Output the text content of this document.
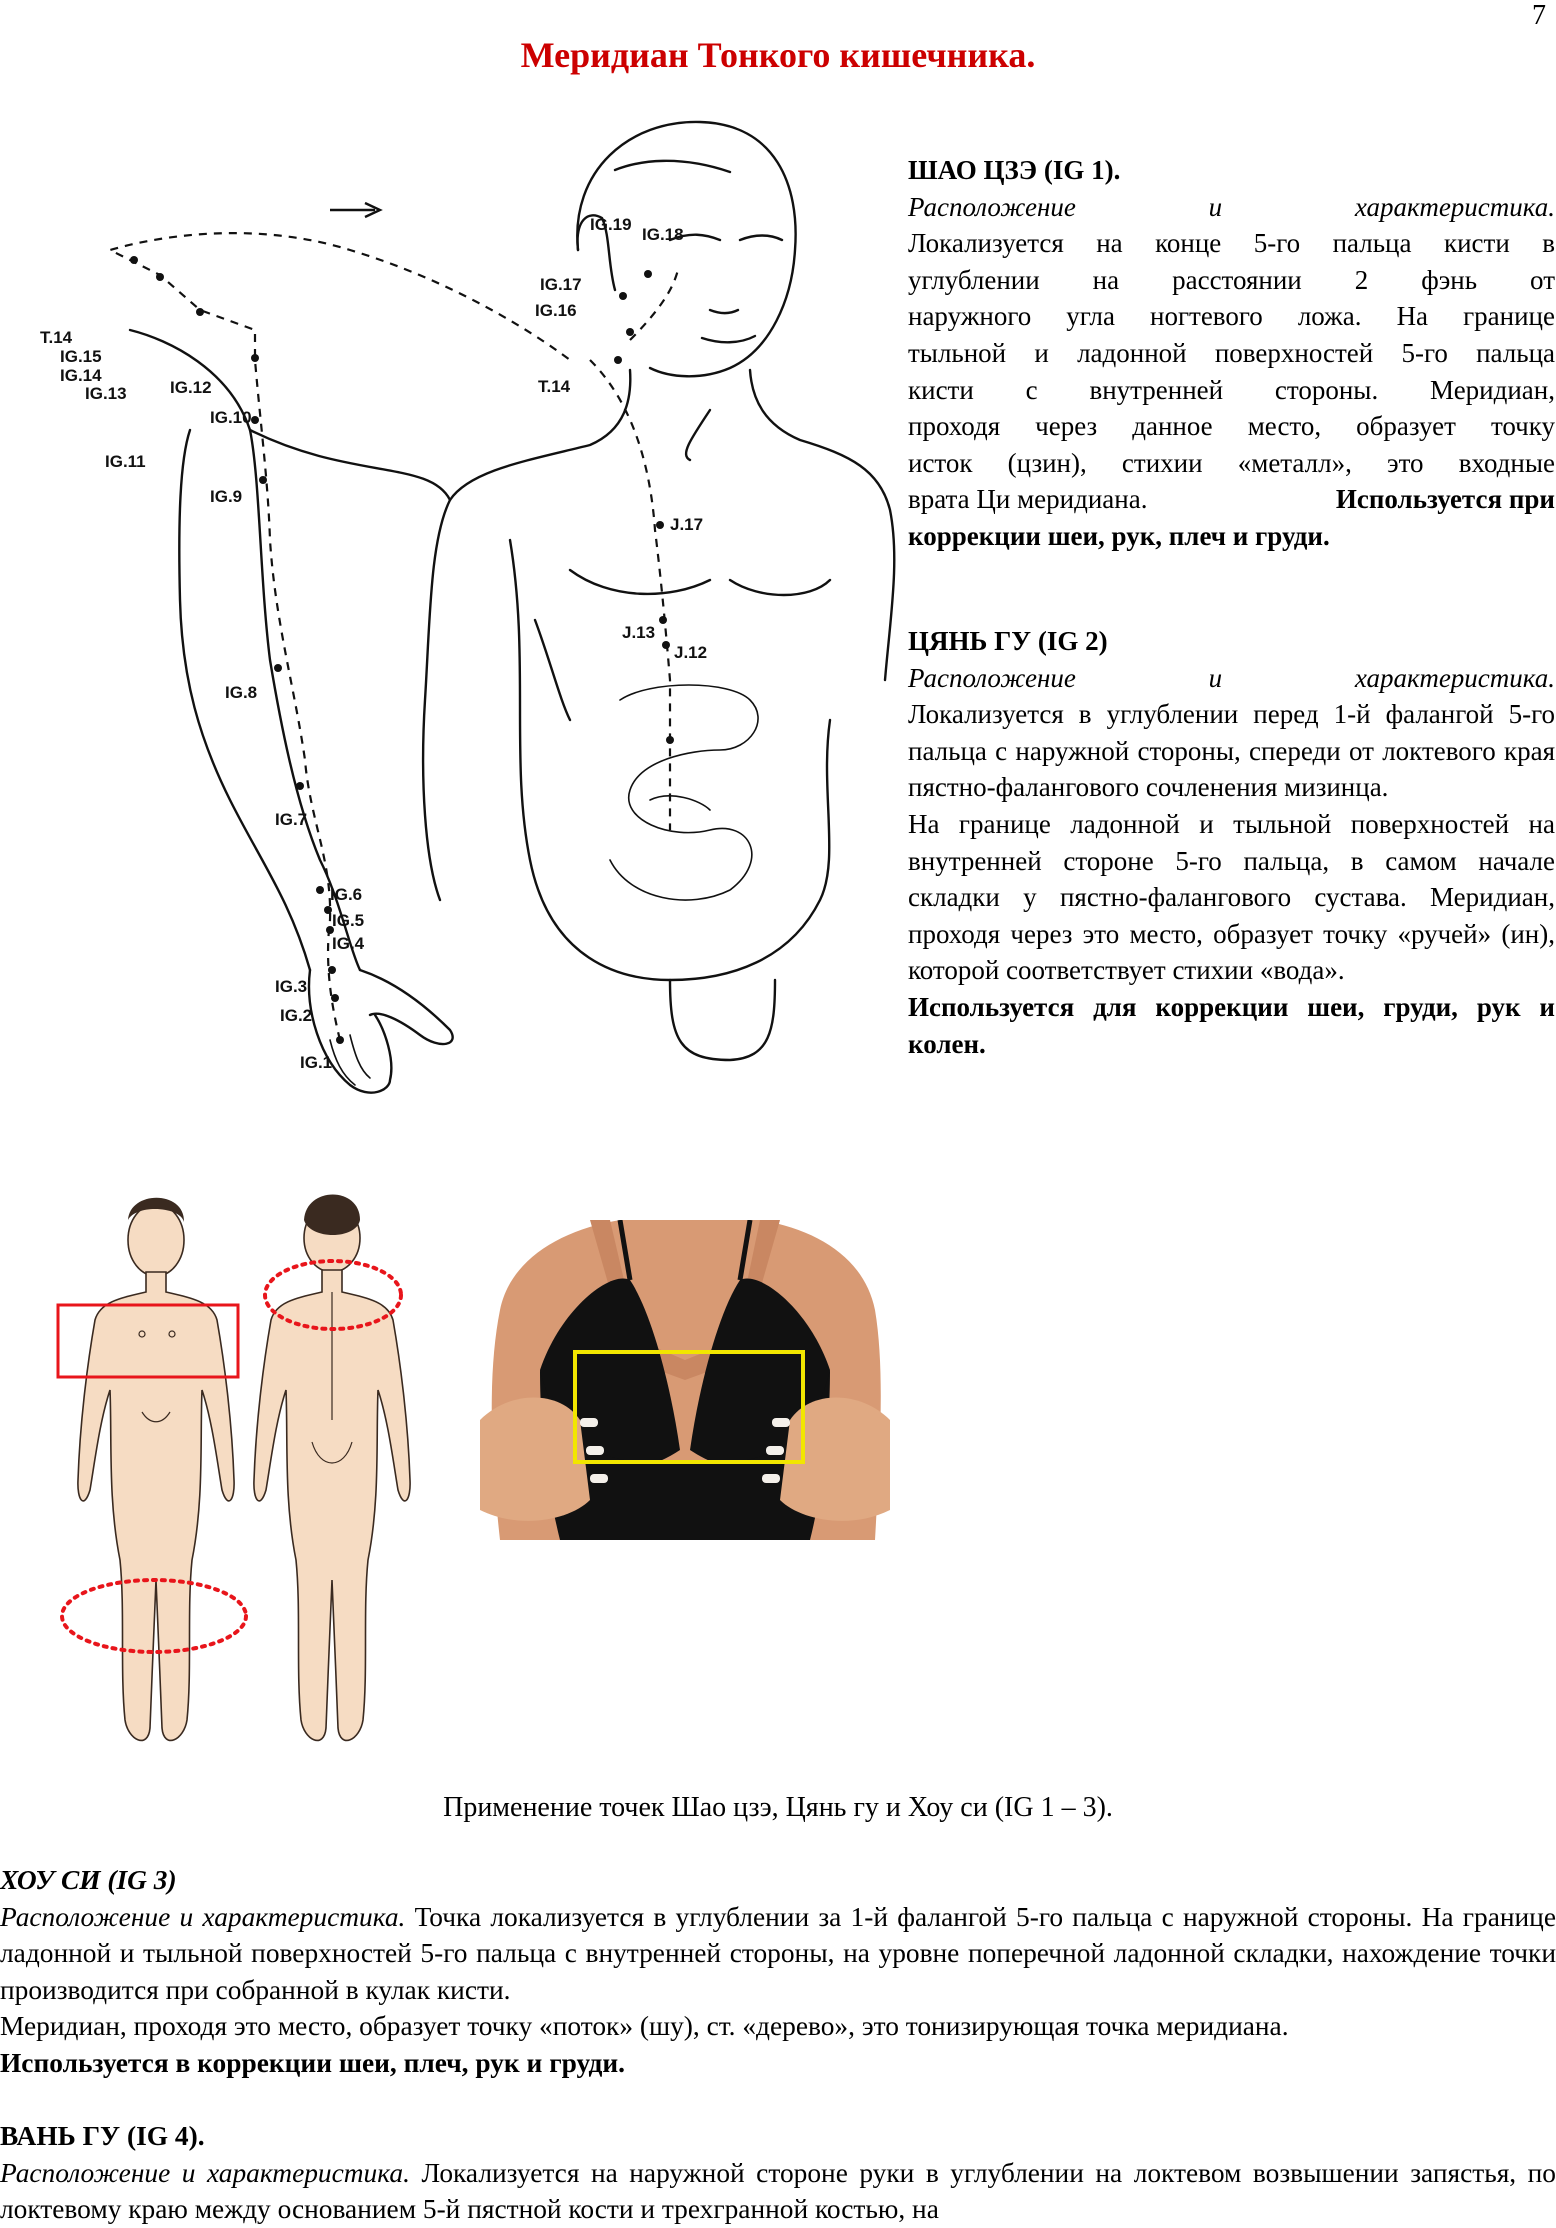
7
Меридиан Тонкого кишечника.
T.14
IG.15
IG.14
IG.13	IG.12
IG.10
IG.11
IG.9
IG.8
IG.7
IG.6
IG.5
IG.4
IG.3
IG.2
IG.1
IG.19
IG.18
IG.17
IG.16
T.14
J.17
J.13
J.12

ШАО ЦЗЭ (IG 1).

Расположение	и	характеристика.

Локализуется на конце 5-го пальца кисти в

углублении на расстоянии 2 фэнь от

наружного угла ногтевого ложа. На границе

тыльной и ладонной поверхностей 5-го пальца

кисти с внутренней стороны. Меридиан,

проходя через данное место, образует точку

исток (цзин), стихии «металл», это входные

врата Ци меридиана.	Используется при

коррекции шеи, рук, плеч и груди.

ЦЯНЬ ГУ (IG 2)

Расположение	и	характеристика.

Локализуется в углублении перед 1-й фалангой 5-го пальца с наружной стороны, спереди от локтевого края пястно-фалангового сочленения мизинца.

На границе ладонной и тыльной поверхностей на внутренней стороне 5-го пальца, в самом начале складки у пястно-фалангового сустава. Меридиан, проходя через это место, образует точку «ручей» (ин), которой соответствует стихии «вода».

Используется для коррекции шеи, груди, рук и колен.

Применение точек Шао цзэ, Цянь гу и Хоу си (IG 1 – 3).

ХОУ СИ (IG 3)

Расположение и характеристика. Точка локализуется в углублении за 1-й фалангой 5-го пальца с наружной стороны. На границе ладонной и тыльной поверхностей 5-го пальца с внутренней стороны, на уровне поперечной ладонной складки, нахождение точки производится при собранной в кулак кисти.

Меридиан, проходя это место, образует точку «поток» (шу), ст. «дерево», это тонизирующая точка меридиана.

Используется в коррекции шеи, плеч, рук и груди.

ВАНЬ ГУ (IG 4).

Расположение и характеристика. Локализуется на наружной стороне руки в углублении на локтевом возвышении запястья, по локтевому краю между основанием 5-й пястной кости и трехгранной костью, на
